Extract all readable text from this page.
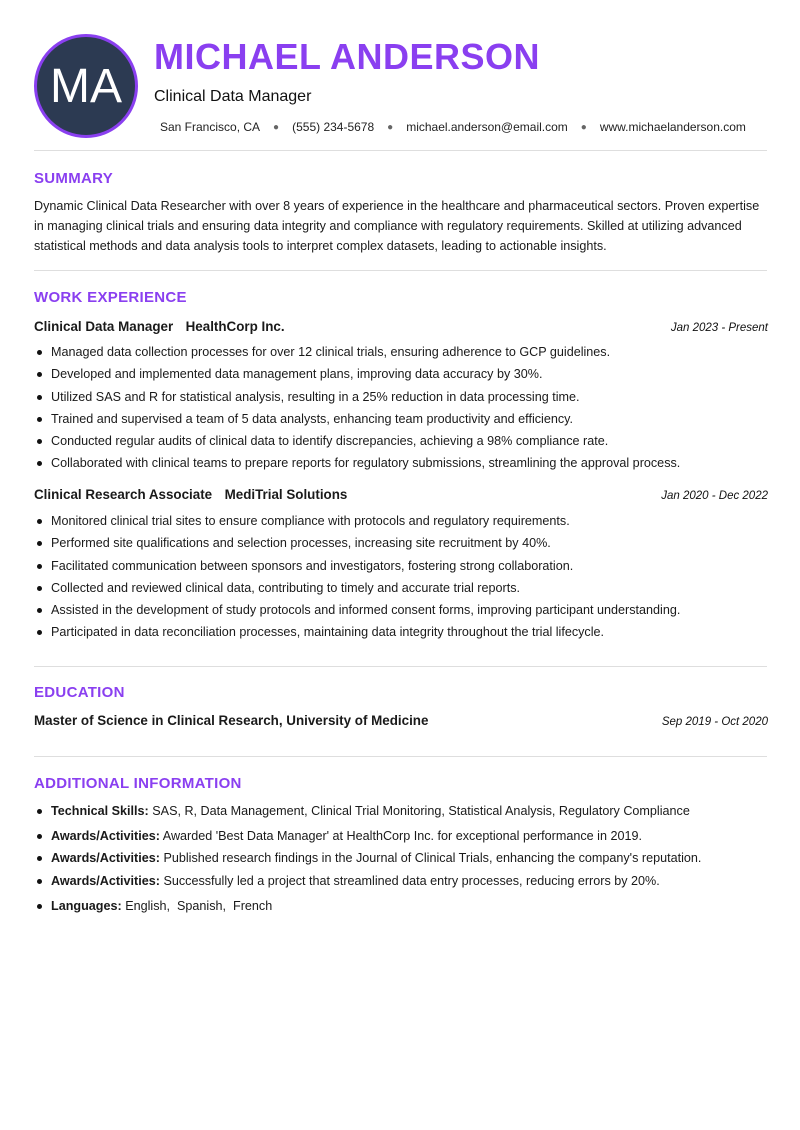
MA
MICHAEL ANDERSON
Clinical Data Manager
San Francisco, CA ● (555) 234-5678 ● michael.anderson@email.com ● www.michaelanderson.com
SUMMARY
Dynamic Clinical Data Researcher with over 8 years of experience in the healthcare and pharmaceutical sectors. Proven expertise in managing clinical trials and ensuring data integrity and compliance with regulatory requirements. Skilled at utilizing advanced statistical methods and data analysis tools to interpret complex datasets, leading to actionable insights.
WORK EXPERIENCE
Clinical Data Manager HealthCorp Inc.	Jan 2023 - Present
Managed data collection processes for over 12 clinical trials, ensuring adherence to GCP guidelines.
Developed and implemented data management plans, improving data accuracy by 30%.
Utilized SAS and R for statistical analysis, resulting in a 25% reduction in data processing time.
Trained and supervised a team of 5 data analysts, enhancing team productivity and efficiency.
Conducted regular audits of clinical data to identify discrepancies, achieving a 98% compliance rate.
Collaborated with clinical teams to prepare reports for regulatory submissions, streamlining the approval process.
Clinical Research Associate MediTrial Solutions	Jan 2020 - Dec 2022
Monitored clinical trial sites to ensure compliance with protocols and regulatory requirements.
Performed site qualifications and selection processes, increasing site recruitment by 40%.
Facilitated communication between sponsors and investigators, fostering strong collaboration.
Collected and reviewed clinical data, contributing to timely and accurate trial reports.
Assisted in the development of study protocols and informed consent forms, improving participant understanding.
Participated in data reconciliation processes, maintaining data integrity throughout the trial lifecycle.
EDUCATION
Master of Science in Clinical Research, University of Medicine	Sep 2019 - Oct 2020
ADDITIONAL INFORMATION
Technical Skills: SAS, R, Data Management, Clinical Trial Monitoring, Statistical Analysis, Regulatory Compliance
Awards/Activities: Awarded 'Best Data Manager' at HealthCorp Inc. for exceptional performance in 2019.
Awards/Activities: Published research findings in the Journal of Clinical Trials, enhancing the company's reputation.
Awards/Activities: Successfully led a project that streamlined data entry processes, reducing errors by 20%.
Languages: English,  Spanish,  French
